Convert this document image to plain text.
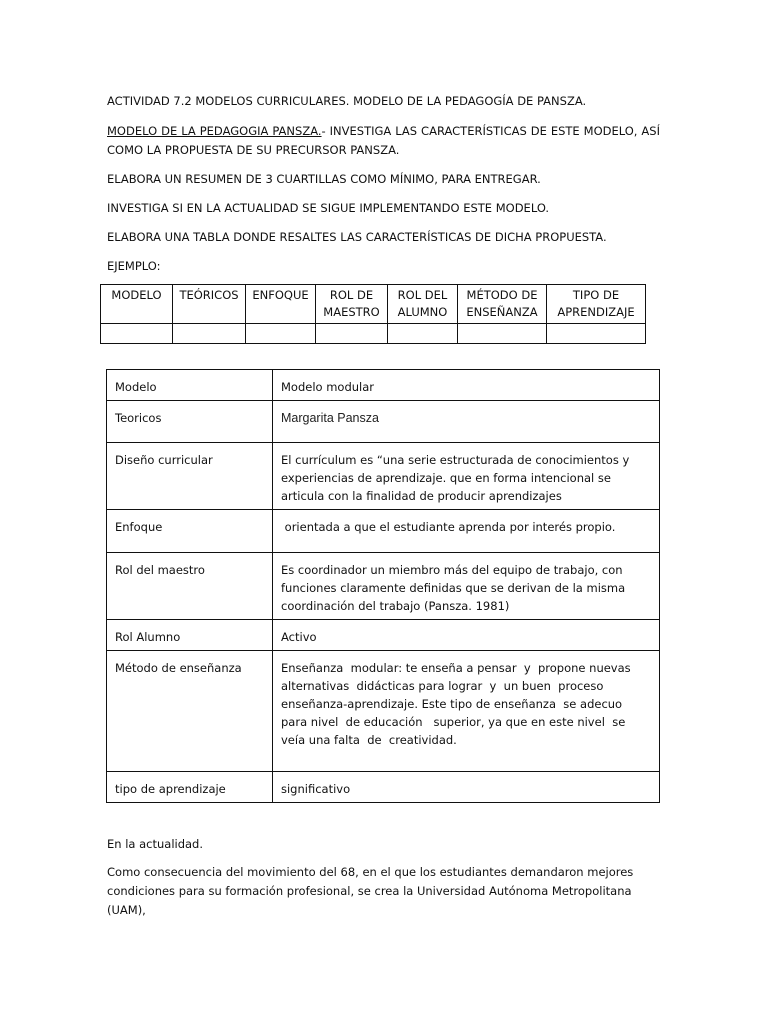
ACTIVIDAD 7.2 MODELOS CURRICULARES. MODELO DE LA PEDAGOGÍA DE PANSZA.

MODELO DE LA PEDAGOGIA PANSZA.- INVESTIGA LAS CARACTERÍSTICAS DE ESTE MODELO, ASÍ COMO LA PROPUESTA DE SU PRECURSOR PANSZA.

ELABORA UN RESUMEN DE 3 CUARTILLAS COMO MÍNIMO, PARA ENTREGAR.

INVESTIGA SI EN LA ACTUALIDAD SE SIGUE IMPLEMENTANDO ESTE MODELO.

ELABORA UNA TABLA DONDE RESALTES LAS CARACTERÍSTICAS DE DICHA PROPUESTA.

EJEMPLO:

MODELO	TEÓRICOS	ENFOQUE	ROL DE MAESTRO	ROL DEL ALUMNO	MÉTODO DE ENSEÑANZA	TIPO DE APRENDIZAJE

Modelo	Modelo modular

Teoricos	Margarita Pansza

Diseño curricular	El currículum es “una serie estructurada de conocimientos y experiencias de aprendizaje. que en forma intencional se articula con la finalidad de producir aprendizajes

Enfoque	orientada a que el estudiante aprenda por interés propio.

Rol del maestro	Es coordinador un miembro más del equipo de trabajo, con funciones claramente definidas que se derivan de la misma coordinación del trabajo (Pansza. 1981)

Rol Alumno	Activo

Método de enseñanza	Enseñanza  modular: te enseña a pensar  y  propone nuevas alternativas  didácticas para lograr  y  un buen  proceso enseñanza-aprendizaje. Este tipo de enseñanza  se adecuo para nivel  de educación   superior, ya que en este nivel  se veía una falta  de  creatividad.

tipo de aprendizaje	significativo

En la actualidad.

Como consecuencia del movimiento del 68, en el que los estudiantes demandaron mejores condiciones para su formación profesional, se crea la Universidad Autónoma Metropolitana (UAM),
